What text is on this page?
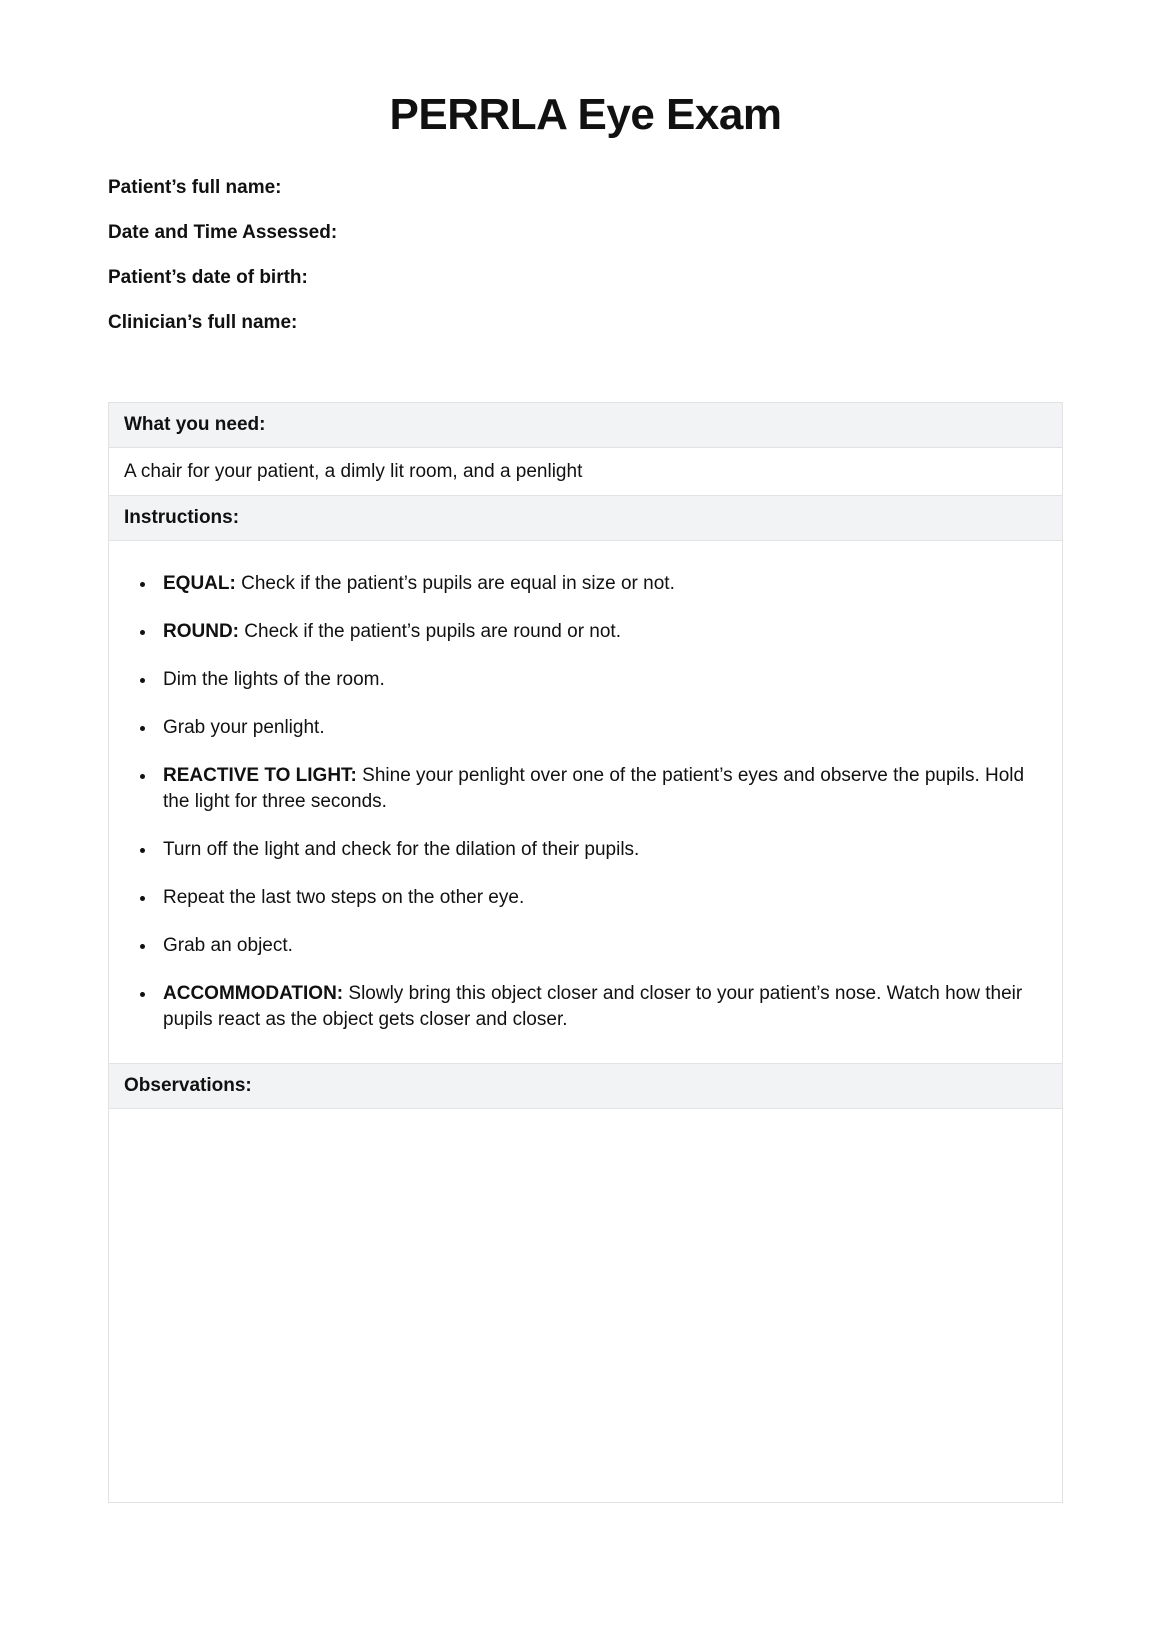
PERRLA Eye Exam
Patient’s full name:
Date and Time Assessed:
Patient’s date of birth:
Clinician’s full name:
What you need:
A chair for your patient, a dimly lit room, and a penlight
Instructions:
• EQUAL: Check if the patient’s pupils are equal in size or not.
• ROUND: Check if the patient’s pupils are round or not.
• Dim the lights of the room.
• Grab your penlight.
• REACTIVE TO LIGHT: Shine your penlight over one of the patient’s eyes and observe the pupils. Hold the light for three seconds.
• Turn off the light and check for the dilation of their pupils.
• Repeat the last two steps on the other eye.
• Grab an object.
• ACCOMMODATION: Slowly bring this object closer and closer to your patient’s nose. Watch how their pupils react as the object gets closer and closer.
Observations:
